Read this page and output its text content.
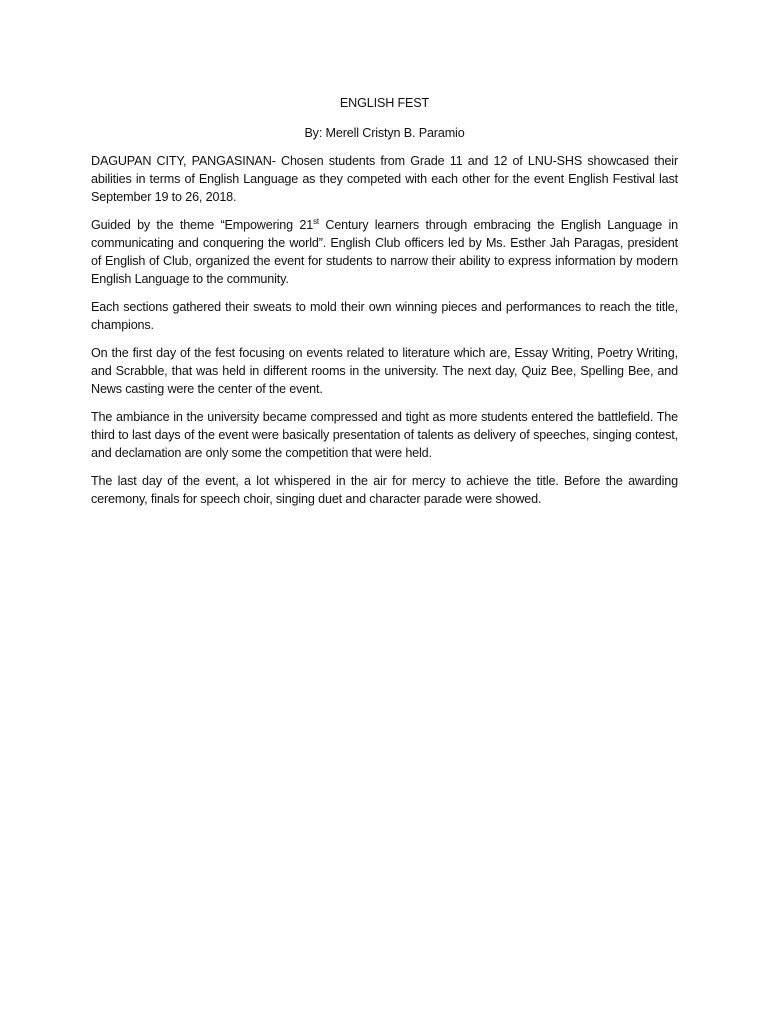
ENGLISH FEST
By: Merell Cristyn B. Paramio

DAGUPAN CITY, PANGASINAN- Chosen students from Grade 11 and 12 of LNU-SHS showcased their abilities in terms of English Language as they competed with each other for the event English Festival last September 19 to 26, 2018.

Guided by the theme “Empowering 21st Century learners through embracing the English Language in communicating and conquering the world”. English Club officers led by Ms. Esther Jah Paragas, president of English of Club, organized the event for students to narrow their ability to express information by modern English Language to the community.

Each sections gathered their sweats to mold their own winning pieces and performances to reach the title, champions.

On the first day of the fest focusing on events related to literature which are, Essay Writing, Poetry Writing, and Scrabble, that was held in different rooms in the university. The next day, Quiz Bee, Spelling Bee, and News casting were the center of the event.

The ambiance in the university became compressed and tight as more students entered the battlefield. The third to last days of the event were basically presentation of talents as delivery of speeches, singing contest, and declamation are only some the competition that were held.

The last day of the event, a lot whispered in the air for mercy to achieve the title. Before the awarding ceremony, finals for speech choir, singing duet and character parade were showed.
